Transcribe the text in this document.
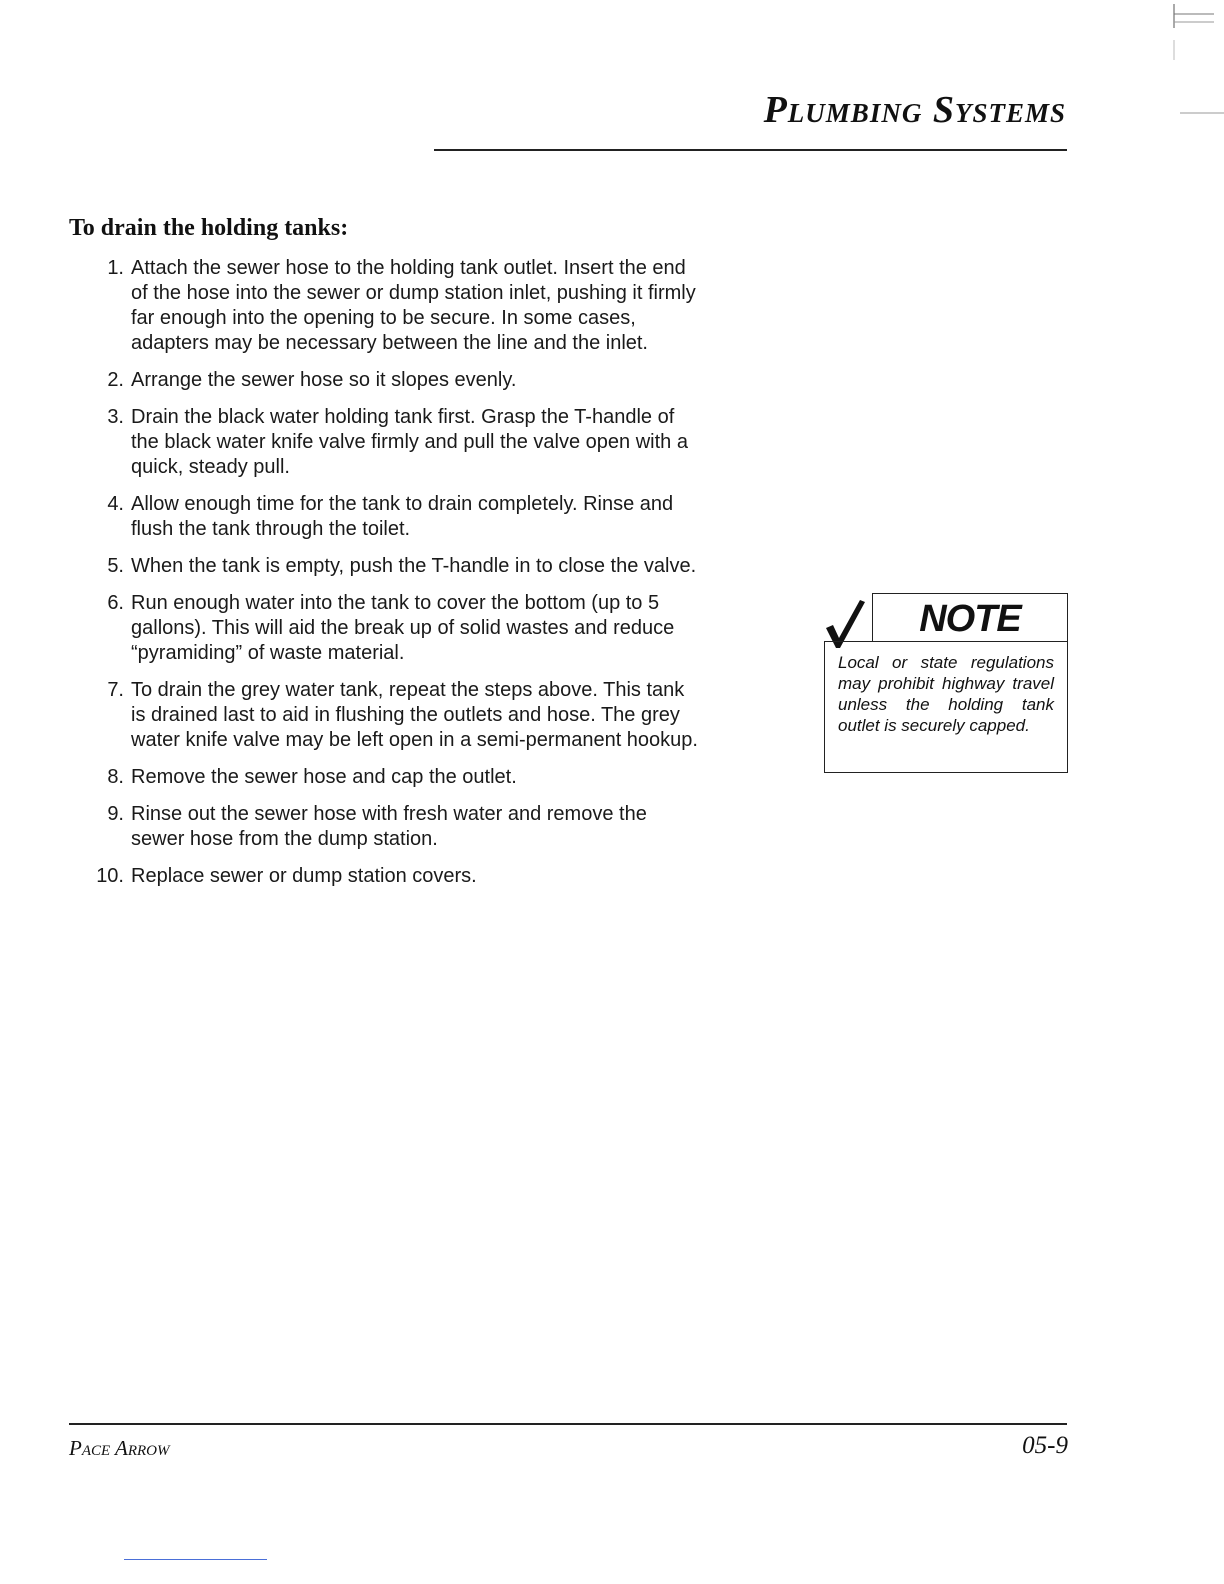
Plumbing Systems
To drain the holding tanks:
1. Attach the sewer hose to the holding tank outlet. Insert the end of the hose into the sewer or dump station inlet, pushing it firmly far enough into the opening to be secure. In some cases, adapters may be necessary between the line and the inlet.
2. Arrange the sewer hose so it slopes evenly.
3. Drain the black water holding tank first. Grasp the T-handle of the black water knife valve firmly and pull the valve open with a quick, steady pull.
4. Allow enough time for the tank to drain completely. Rinse and flush the tank through the toilet.
5. When the tank is empty, push the T-handle in to close the valve.
6. Run enough water into the tank to cover the bottom (up to 5 gallons). This will aid the break up of solid wastes and reduce “pyramiding” of waste material.
7. To drain the grey water tank, repeat the steps above. This tank is drained last to aid in flushing the outlets and hose. The grey water knife valve may be left open in a semi-permanent hookup.
8. Remove the sewer hose and cap the outlet.
9. Rinse out the sewer hose with fresh water and remove the sewer hose from the dump station.
10. Replace sewer or dump station covers.
NOTE
Local or state regulations may prohibit highway travel unless the holding tank outlet is securely capped.
Pace Arrow	05-9
